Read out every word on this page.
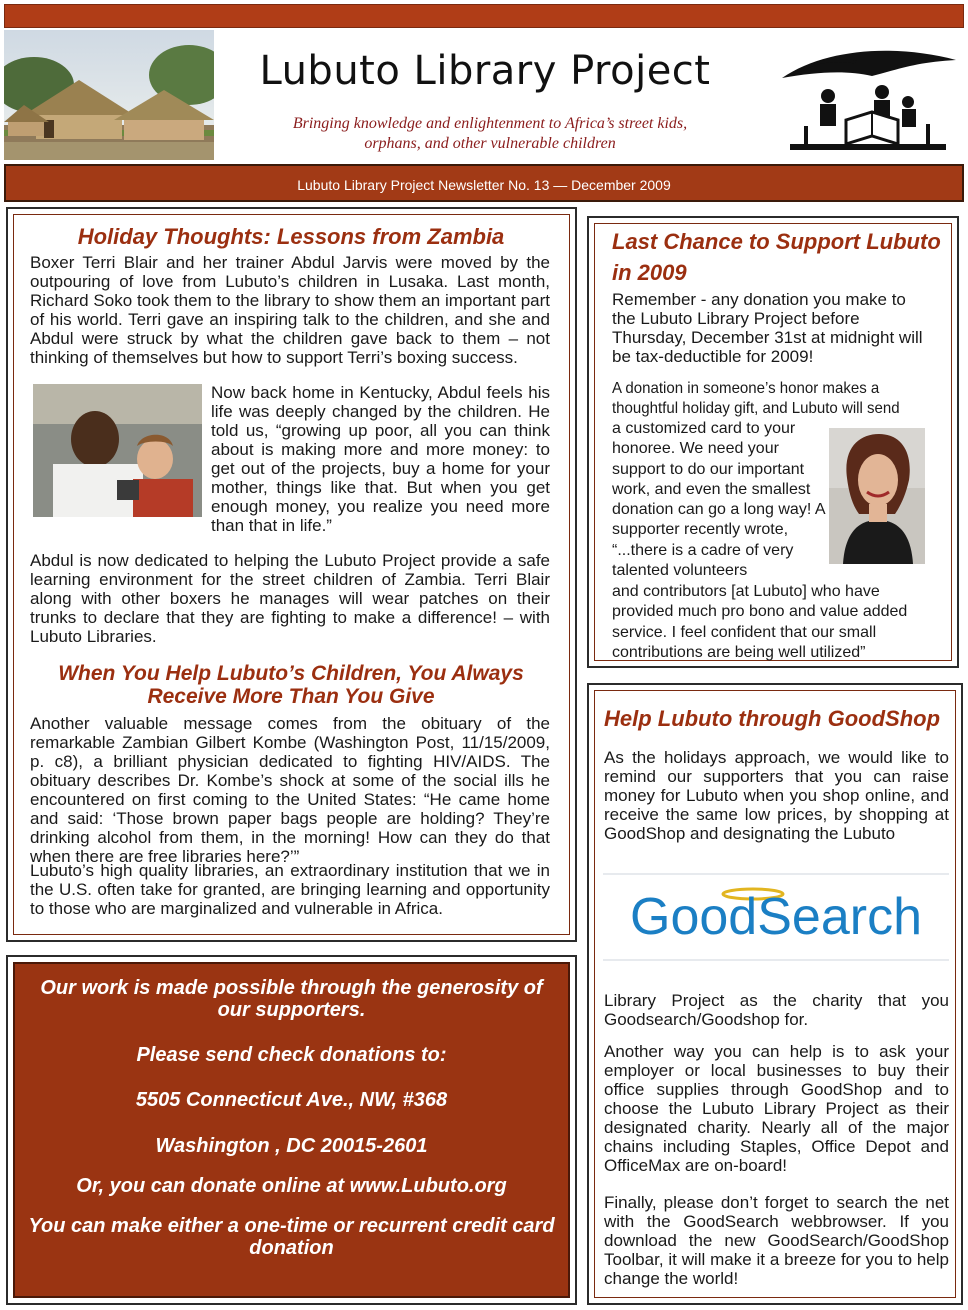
Lubuto Library Project
Bringing knowledge and enlightenment to Africa’s street kids,
orphans, and other vulnerable children
Lubuto Library Project Newsletter No. 13 — December 2009
Holiday Thoughts: Lessons from Zambia

Boxer Terri Blair and her trainer Abdul Jarvis were moved by the outpouring of love from Lubuto’s children in Lusaka. Last month, Richard Soko took them to the library to show them an important part of his world. Terri gave an inspiring talk to the children, and she and Abdul were struck by what the children gave back to them – not thinking of themselves but how to support Terri’s boxing success.

Now back home in Kentucky, Abdul feels his life was deeply changed by the children. He told us, “growing up poor, all you can think about is making more and more money: to get out of the projects, buy a home for your mother, things like that. But when you get enough money, you realize you need more than that in life.”

Abdul is now dedicated to helping the Lubuto Project provide a safe learning environment for the street children of Zambia. Terri Blair along with other boxers he manages will wear patches on their trunks to declare that they are fighting to make a difference! – with Lubuto Libraries.

When You Help Lubuto’s Children, You Always
Receive More Than You Give

Another valuable message comes from the obituary of the remarkable Zambian Gilbert Kombe (Washington Post, 11/15/2009, p. c8), a brilliant physician dedicated to fighting HIV/AIDS. The obituary describes Dr. Kombe’s shock at some of the social ills he encountered on first coming to the United States: “He came home and said: ‘Those brown paper bags people are holding? They’re drinking alcohol from them, in the morning! How can they do that when there are free libraries here?’”

Lubuto’s high quality libraries, an extraordinary institution that we in the U.S. often take for granted, are bringing learning and opportunity to those who are marginalized and vulnerable in Africa.

Our work is made possible through the generosity of
our supporters.
Please send check donations to:
5505 Connecticut Ave., NW, #368
Washington , DC 20015-2601
Or, you can donate online at www.Lubuto.org
You can make either a one-time or recurrent credit card
donation
Last Chance to Support Lubuto
in 2009

Remember - any donation you make to the Lubuto Library Project before Thursday, December 31st at midnight will be tax-deductible for 2009!

A donation in someone’s honor makes a
thoughtful holiday gift, and Lubuto will send

a customized card to your honoree. We need your support to do our important work, and even the smallest donation can go a long way! A supporter recently wrote, “...there is a cadre of very talented volunteers

and contributors [at Lubuto] who have provided much pro bono and value added service. I feel confident that our small contributions are being well utilized”

Help Lubuto through GoodShop

As the holidays approach, we would like to remind our supporters that you can raise money for Lubuto when you shop online, and receive the same low prices, by shopping at GoodShop and designating the Lubuto

GoodSearch

Library Project as the charity that you Goodsearch/Goodshop for.

Another way you can help is to ask your employer or local businesses to buy their office supplies through GoodShop and to choose the Lubuto Library Project as their designated charity. Nearly all of the major chains including Staples, Office Depot and OfficeMax are on-board!

Finally, please don’t forget to search the net with the GoodSearch webbrowser. If you download the new GoodSearch/GoodShop Toolbar, it will make it a breeze for you to help change the world!
